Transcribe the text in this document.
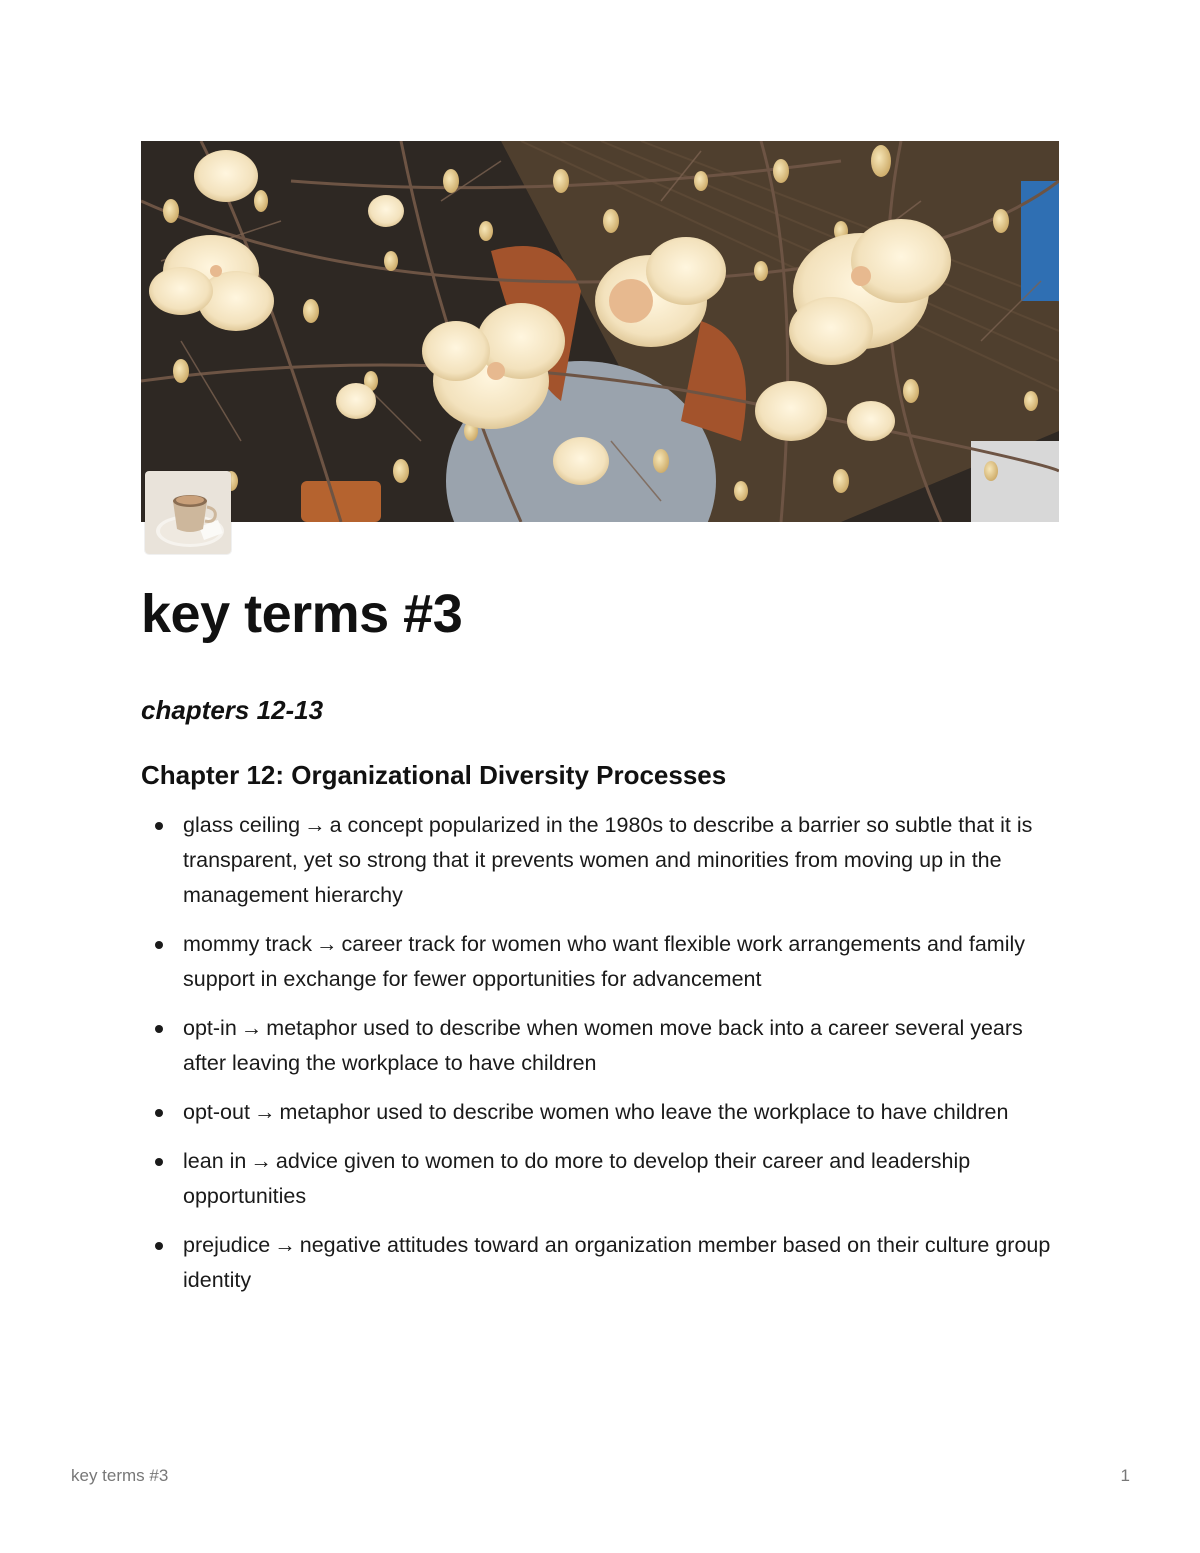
key terms #3
chapters 12-13
Chapter 12: Organizational Diversity Processes
glass ceiling → a concept popularized in the 1980s to describe a barrier so subtle that it is transparent, yet so strong that it prevents women and minorities from moving up in the management hierarchy
mommy track → career track for women who want flexible work arrangements and family support in exchange for fewer opportunities for advancement
opt-in → metaphor used to describe when women move back into a career several years after leaving the workplace to have children
opt-out → metaphor used to describe women who leave the workplace to have children
lean in → advice given to women to do more to develop their career and leadership opportunities
prejudice → negative attitudes toward an organization member based on their culture group identity
key terms #3	1
